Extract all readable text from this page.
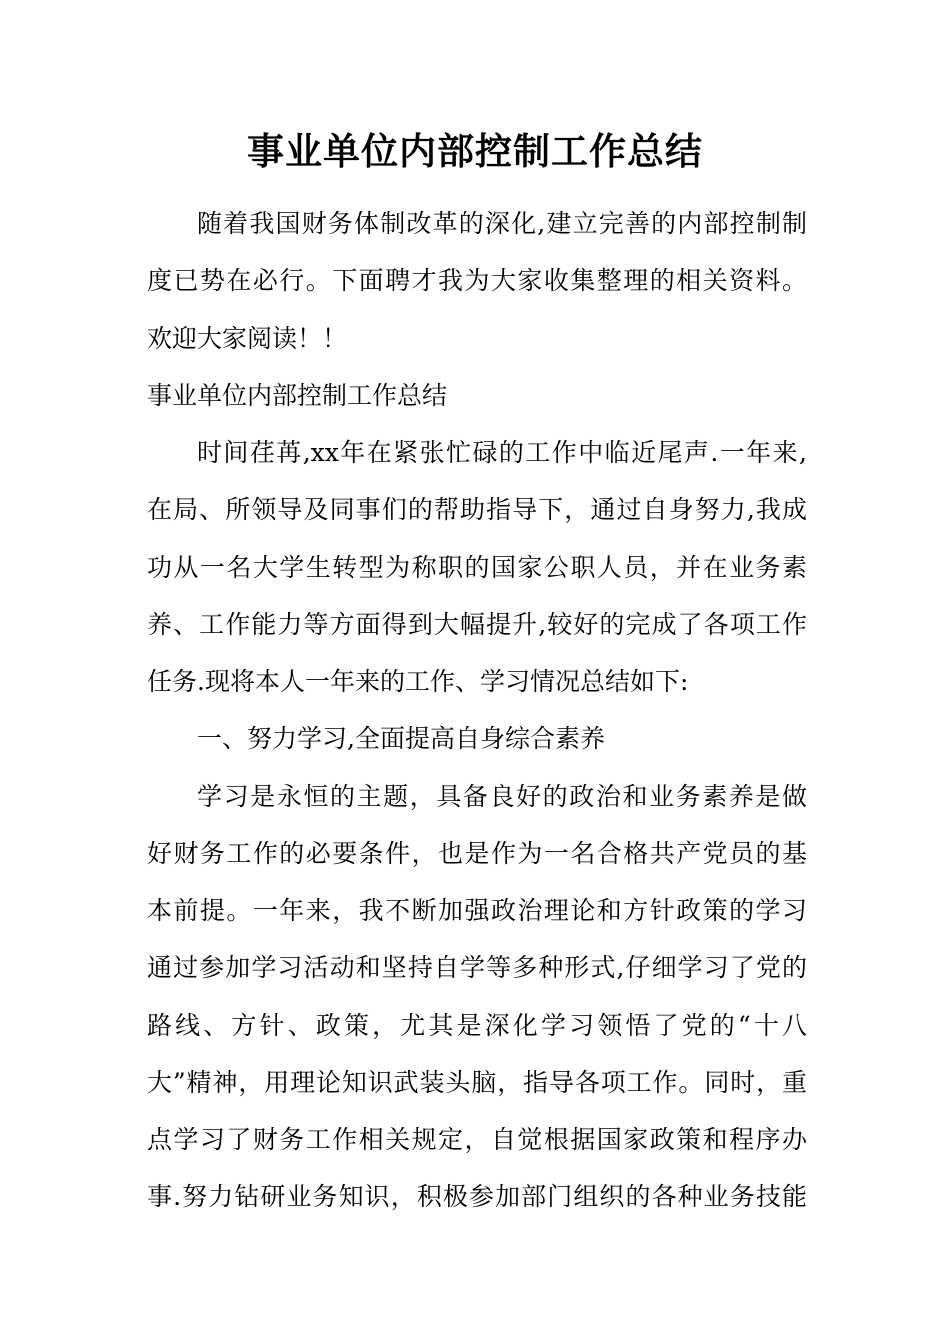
事业单位内部控制工作总结
随着我国财务体制改革的深化,建立完善的内部控制制
度已势在必行。下面聘才我为大家收集整理的相关资料。
欢迎大家阅读！！
事业单位内部控制工作总结
时间荏苒,xx年在紧张忙碌的工作中临近尾声.一年来,
在局、所领导及同事们的帮助指导下，通过自身努力,我成
功从一名大学生转型为称职的国家公职人员，并在业务素
养、工作能力等方面得到大幅提升,较好的完成了各项工作
任务.现将本人一年来的工作、学习情况总结如下:
一、努力学习,全面提高自身综合素养
学习是永恒的主题，具备良好的政治和业务素养是做
好财务工作的必要条件，也是作为一名合格共产党员的基
本前提。一年来，我不断加强政治理论和方针政策的学习
通过参加学习活动和坚持自学等多种形式,仔细学习了党的
路线、方针、政策，尤其是深化学习领悟了党的“十八
大”精神，用理论知识武装头脑，指导各项工作。同时，重
点学习了财务工作相关规定，自觉根据国家政策和程序办
事.努力钻研业务知识，积极参加部门组织的各种业务技能
